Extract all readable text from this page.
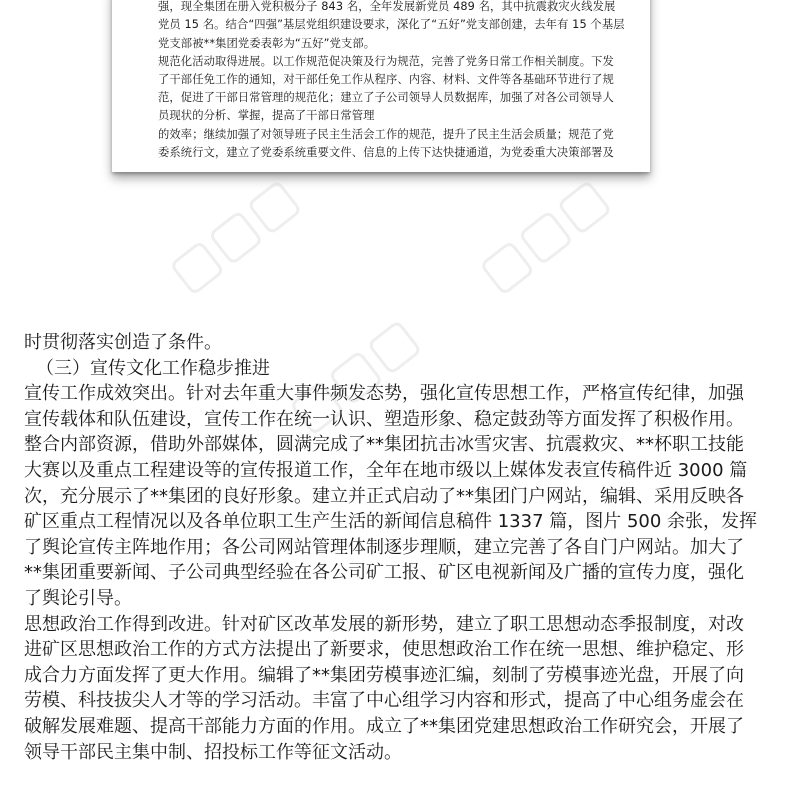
强，现全集团在册入党积极分子 843 名，全年发展新党员 489 名，其中抗震救灾火线发展
党员 15 名。结合“四强”基层党组织建设要求，深化了“五好”党支部创建，去年有 15 个基层
党支部被**集团党委表彰为“五好”党支部。
规范化活动取得进展。以工作规范促决策及行为规范，完善了党务日常工作相关制度。下发
了干部任免工作的通知，对干部任免工作从程序、内容、材料、文件等各基础环节进行了规
范，促进了干部日常管理的规范化；建立了子公司领导人员数据库，加强了对各公司领导人
员现状的分析、掌握，提高了干部日常管理
的效率；继续加强了对领导班子民主生活会工作的规范，提升了民主生活会质量；规范了党
委系统行文，建立了党委系统重要文件、信息的上传下达快捷通道，为党委重大决策部署及
▢▢▢	▢▢▢
▢▢▢
时贯彻落实创造了条件。
（三）宣传文化工作稳步推进
宣传工作成效突出。针对去年重大事件频发态势，强化宣传思想工作，严格宣传纪律，加强
宣传载体和队伍建设，宣传工作在统一认识、塑造形象、稳定鼓劲等方面发挥了积极作用。
整合内部资源，借助外部媒体，圆满完成了**集团抗击冰雪灾害、抗震救灾、**杯职工技能
大赛以及重点工程建设等的宣传报道工作，全年在地市级以上媒体发表宣传稿件近 3000 篇
次，充分展示了**集团的良好形象。建立并正式启动了**集团门户网站，编辑、采用反映各
矿区重点工程情况以及各单位职工生产生活的新闻信息稿件 1337 篇，图片 500 余张，发挥
了舆论宣传主阵地作用；各公司网站管理体制逐步理顺，建立完善了各自门户网站。加大了
**集团重要新闻、子公司典型经验在各公司矿工报、矿区电视新闻及广播的宣传力度，强化
了舆论引导。
思想政治工作得到改进。针对矿区改革发展的新形势，建立了职工思想动态季报制度，对改
进矿区思想政治工作的方式方法提出了新要求，使思想政治工作在统一思想、维护稳定、形
成合力方面发挥了更大作用。编辑了**集团劳模事迹汇编，刻制了劳模事迹光盘，开展了向
劳模、科技拔尖人才等的学习活动。丰富了中心组学习内容和形式，提高了中心组务虚会在
破解发展难题、提高干部能力方面的作用。成立了**集团党建思想政治工作研究会，开展了
领导干部民主集中制、招投标工作等征文活动。
